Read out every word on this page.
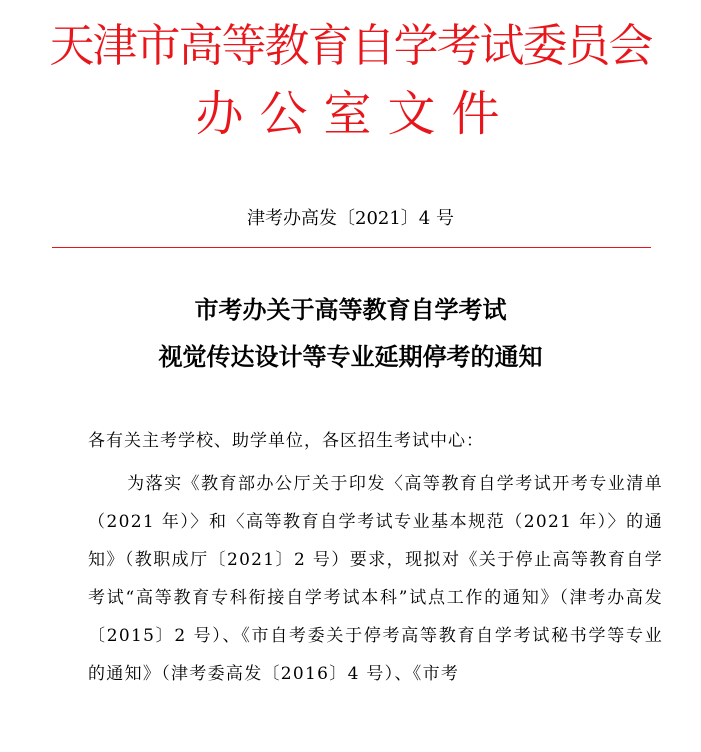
天津市高等教育自学考试委员会
办公室文件
津考办高发〔2021〕4 号
市考办关于高等教育自学考试
视觉传达设计等专业延期停考的通知
各有关主考学校、助学单位，各区招生考试中心：
为落实《教育部办公厅关于印发〈高等教育自学考试开考专业清单（2021 年）〉和〈高等教育自学考试专业基本规范（2021 年）〉的通知》（教职成厅〔2021〕2 号）要求，现拟对《关于停止高等教育自学考试“高等教育专科衔接自学考试本科”试点工作的通知》（津考办高发〔2015〕2 号）、《市自考委关于停考高等教育自学考试秘书学等专业的通知》（津考委高发〔2016〕4 号）、《市考
